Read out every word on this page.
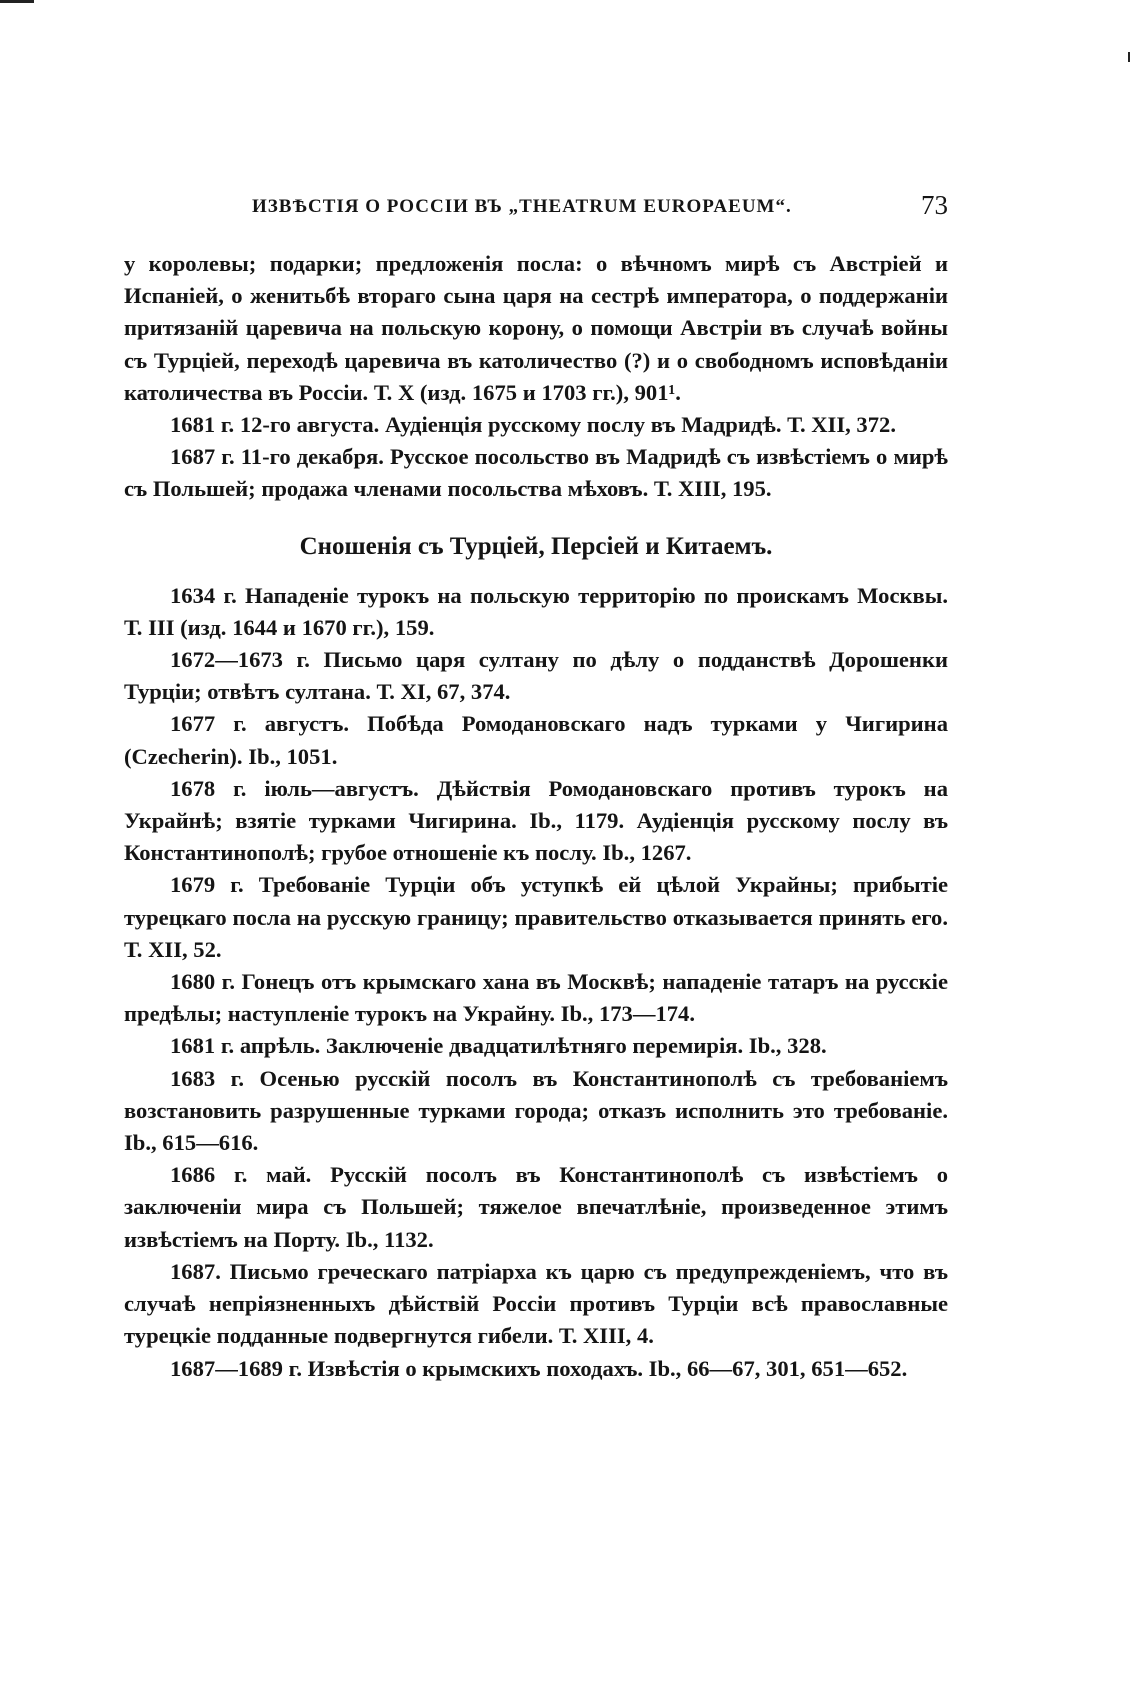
ИЗВѢСТІЯ О РОССІИ ВЪ „THEATRUM EUROPAEUM“.	73

у королевы; подарки; предложенія посла: о вѣчномъ мирѣ съ Австріей и Испаніей, о женитьбѣ втораго сына царя на сестрѣ императора, о поддержаніи притязаній царевича на польскую корону, о помощи Австріи въ случаѣ войны съ Турціей, переходѣ царевича въ католичество (?) и о свободномъ исповѣданіи католичества въ Россіи. Т. X (изд. 1675 и 1703 гг.), 901¹.

1681 г. 12-го августа. Аудіенція русскому послу въ Мадридѣ. Т. XII, 372.

1687 г. 11-го декабря. Русское посольство въ Мадридѣ съ извѣстіемъ о мирѣ съ Польшей; продажа членами посольства мѣховъ. Т. XIII, 195.

Сношенія съ Турціей, Персіей и Китаемъ.

1634 г. Нападеніе турокъ на польскую территорію по проискамъ Москвы. Т. III (изд. 1644 и 1670 гг.), 159.

1672—1673 г. Письмо царя султану по дѣлу о подданствѣ Дорошенки Турціи; отвѣтъ султана. Т. XI, 67, 374.

1677 г. августъ. Побѣда Ромодановскаго надъ турками у Чигирина (Czecherin). Ib., 1051.

1678 г. іюль—августъ. Дѣйствія Ромодановскаго противъ турокъ на Украйнѣ; взятіе турками Чигирина. Ib., 1179. Аудіенція русскому послу въ Константинополѣ; грубое отношеніе къ послу. Ib., 1267.

1679 г. Требованіе Турціи объ уступкѣ ей цѣлой Украйны; прибытіе турецкаго посла на русскую границу; правительство отказывается принять его. Т. XII, 52.

1680 г. Гонецъ отъ крымскаго хана въ Москвѣ; нападеніе татаръ на русскіе предѣлы; наступленіе турокъ на Украйну. Ib., 173—174.

1681 г. апрѣль. Заключеніе двадцатилѣтняго перемирія. Ib., 328.

1683 г. Осенью русскій посолъ въ Константинополѣ съ требованіемъ возстановить разрушенные турками города; отказъ исполнить это требованіе. Ib., 615—616.

1686 г. май. Русскій посолъ въ Константинополѣ съ извѣстіемъ о заключеніи мира съ Польшей; тяжелое впечатлѣніе, произведенное этимъ извѣстіемъ на Порту. Ib., 1132.

1687. Письмо греческаго патріарха къ царю съ предупрежденіемъ, что въ случаѣ непріязненныхъ дѣйствій Россіи противъ Турціи всѣ православные турецкіе подданные подвергнутся гибели. Т. XIII, 4.

1687—1689 г. Извѣстія о крымскихъ походахъ. Ib., 66—67, 301, 651—652.
